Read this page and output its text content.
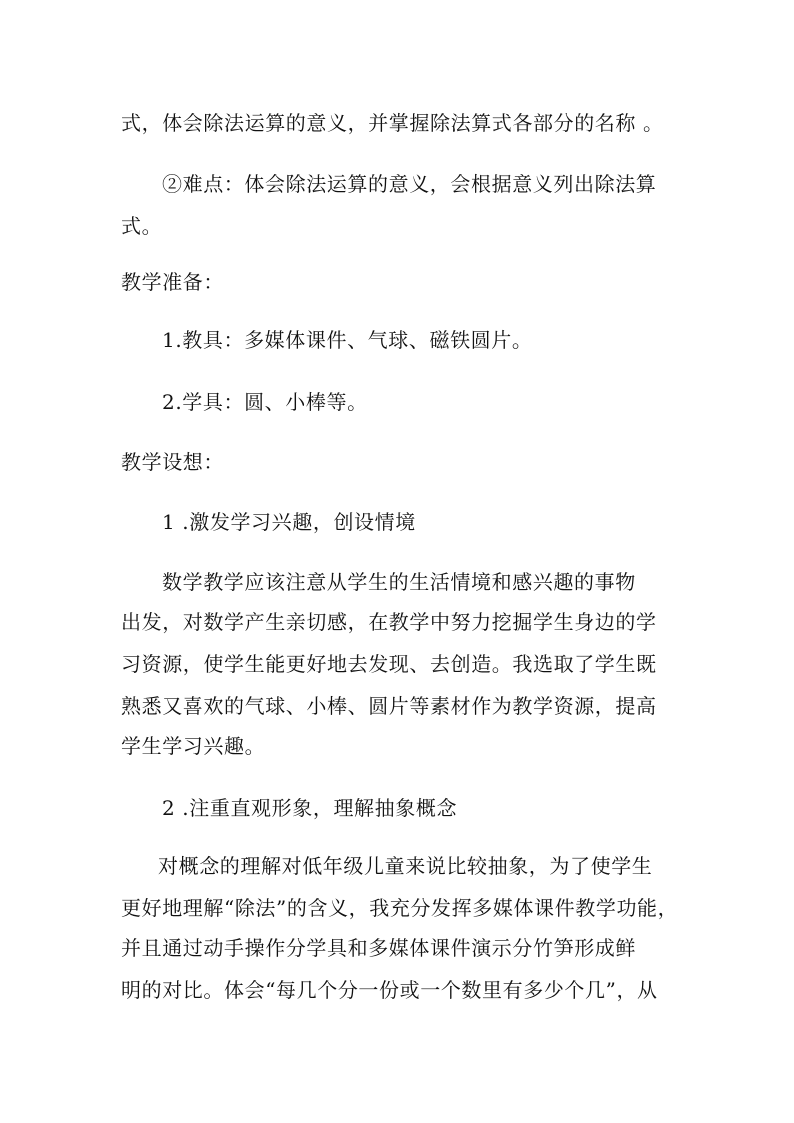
式，体会除法运算的意义，并掌握除法算式各部分的名称 。
②难点：体会除法运算的意义，会根据意义列出除法算
式。
教学准备：
1.教具：多媒体课件、气球、磁铁圆片。
2.学具：圆、小棒等。
教学设想：
1 .激发学习兴趣，创设情境
数学教学应该注意从学生的生活情境和感兴趣的事物
出发，对数学产生亲切感，在教学中努力挖掘学生身边的学
习资源，使学生能更好地去发现、去创造。我选取了学生既
熟悉又喜欢的气球、小棒、圆片等素材作为教学资源，提高
学生学习兴趣。
2 .注重直观形象，理解抽象概念
对概念的理解对低年级儿童来说比较抽象，为了使学生
更好地理解“除法”的含义，我充分发挥多媒体课件教学功能，
并且通过动手操作分学具和多媒体课件演示分竹笋形成鲜
明的对比。体会“每几个分一份或一个数里有多少个几”，从
